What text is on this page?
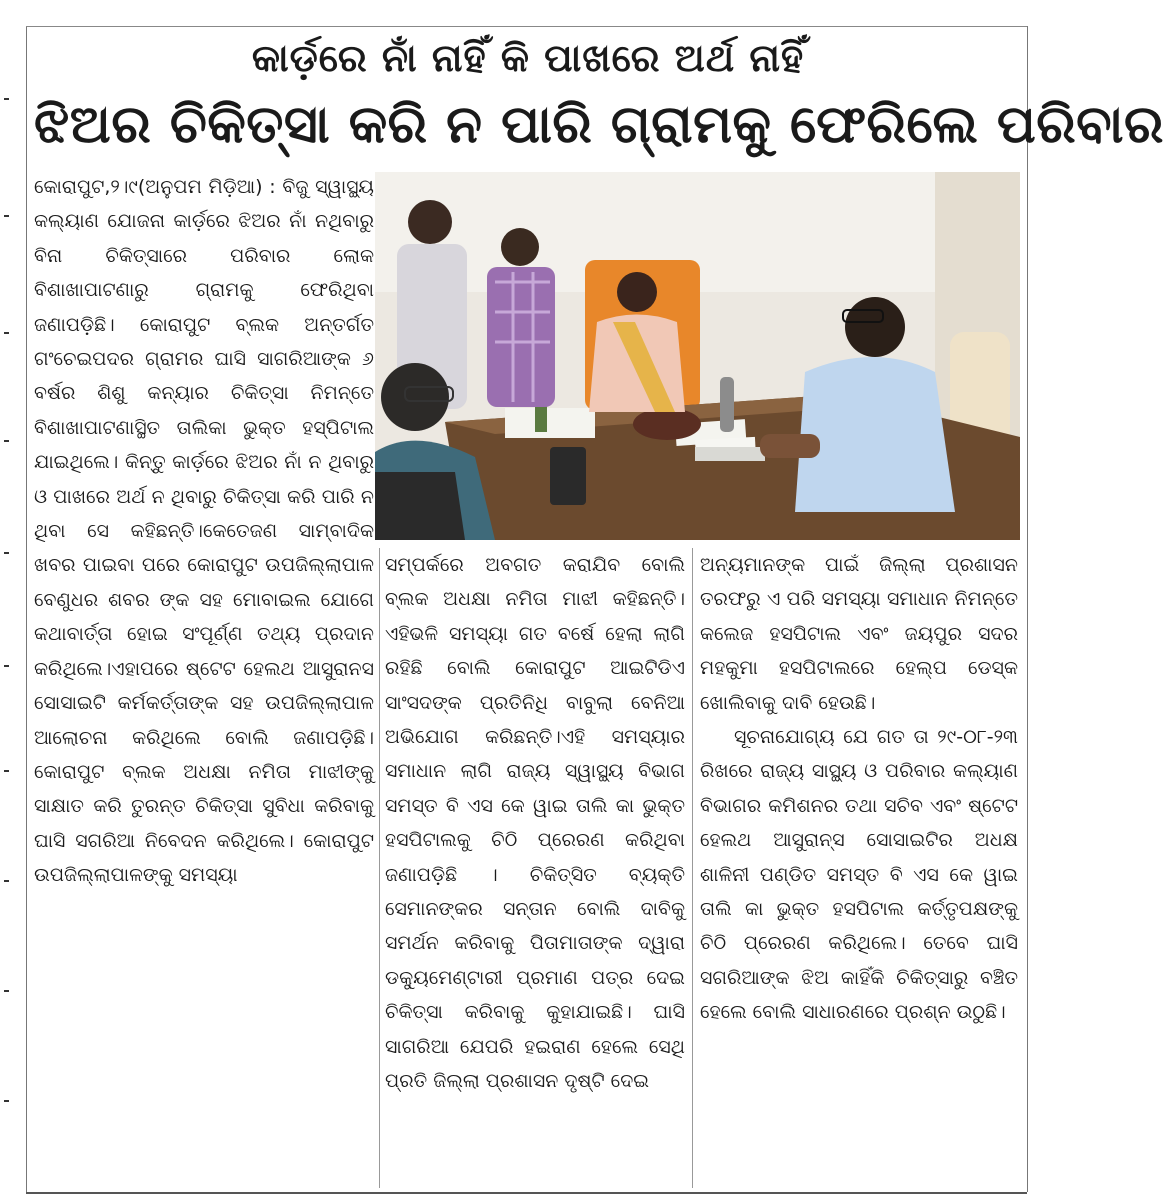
କାର୍ଡ଼ରେ ନାଁ ନାହିଁ କି ପାଖରେ ଅର୍ଥ ନାହିଁ
ଝିଅର ଚିକିତ୍ସା କରି ନ ପାରି ଗ୍ରାମକୁ ଫେରିଲେ ପରିବାର

କୋରାପୁଟ,୨।୯(ଅନୁପମ ମିଡ଼ିଆ) : ବିଜୁ ସ୍ୱାସ୍ଥ୍ୟ କଲ୍ୟାଣ ଯୋଜନା କାର୍ଡ଼ରେ ଝିଅର ନାଁ ନଥିବାରୁ ବିନା ଚିକିତ୍ସାରେ ପରିବାର ଲୋକ ବିଶାଖାପାଟଣାରୁ ଗ୍ରାମକୁ ଫେରିଥିବା ଜଣାପଡ଼ିଛି। କୋରାପୁଟ ବ୍ଲକ ଅନ୍ତର୍ଗତ ଗଂଚେଇପଦର ଗ୍ରାମର ଘାସି ସାଗରିଆଙ୍କ ୬ ବର୍ଷର ଶିଶୁ କନ୍ୟାର ଚିକିତ୍ସା ନିମନ୍ତେ ବିଶାଖାପାଟଣାସ୍ଥିତ ତାଲିକା ଭୁକ୍ତ ହସ୍ପିଟାଲ ଯାଇଥିଲେ। କିନ୍ତୁ କାର୍ଡ଼ରେ ଝିଅର ନାଁ ନ ଥିବାରୁ ଓ ପାଖରେ ଅର୍ଥ ନ ଥିବାରୁ ଚିକିତ୍ସା କରି ପାରି ନ ଥିବା ସେ କହିଛନ୍ତି।କେତେଜଣ ସାମ୍ବାଦିକ ଖବର ପାଇବା ପରେ କୋରାପୁଟ ଉପଜିଲ୍ଲାପାଳ ବେଣୁଧର ଶବର ଙ୍କ ସହ ମୋବାଇଲ ଯୋଗେ କଥାବାର୍ତ୍ତା ହୋଇ ସଂପୂର୍ଣ୍ଣ ତଥ୍ୟ ପ୍ରଦାନ କରିଥିଲେ।ଏହାପରେ ଷ୍ଟେଟ ହେଲଥ ଆସୁରାନସ ସୋସାଇଟି କର୍ମକର୍ତ୍ତାଙ୍କ ସହ ଉପଜିଲ୍ଲାପାଳ ଆଲୋଚନା କରିଥିଲେ ବୋଲି ଜଣାପଡ଼ିଛି। କୋରାପୁଟ ବ୍ଲକ ଅଧକ୍ଷା ନମିତା ମାଝୀଙ୍କୁ ସାକ୍ଷାତ କରି ତୁରନ୍ତ ଚିକିତ୍ସା ସୁବିଧା କରିବାକୁ ଘାସି ସଗରିଆ ନିବେଦନ କରିଥିଲେ। କୋରାପୁଟ ଉପଜିଲ୍ଲାପାଳଙ୍କୁ ସମସ୍ୟା

ସମ୍ପର୍କରେ ଅବଗତ କରାଯିବ ବୋଲି ବ୍ଲକ ଅଧକ୍ଷା ନମିତା ମାଝୀ କହିଛନ୍ତି। ଏହିଭଳି ସମସ୍ୟା ଗତ ବର୍ଷେ ହେଲା ଲାଗି ରହିଛି ବୋଲି କୋରାପୁଟ ଆଇଟିଡିଏ ସାଂସଦଙ୍କ ପ୍ରତିନିଧି ବାବୁଲା ବେନିଆ ଅଭିଯୋଗ କରିଛନ୍ତି।ଏହି ସମସ୍ୟାର ସମାଧାନ ଲାଗି ରାଜ୍ୟ ସ୍ୱାସ୍ଥ୍ୟ ବିଭାଗ ସମସ୍ତ ବି ଏସ କେ ୱାଇ ତାଲି କା ଭୁକ୍ତ ହସପିଟାଲକୁ ଚିଠି ପ୍ରେରଣ କରିଥିବା ଜଣାପଡ଼ିଛି । ଚିକିତ୍ସିତ ବ୍ୟକ୍ତି ସେମାନଙ୍କର ସନ୍ତାନ ବୋଲି ଦାବିକୁ ସମର୍ଥନ କରିବାକୁ ପିତାମାତାଙ୍କ ଦ୍ୱାରା ଡକ୍ୟୁମେଣ୍ଟାରୀ ପ୍ରମାଣ ପତ୍ର ଦେଇ ଚିକିତ୍ସା କରିବାକୁ କୁହାଯାଇଛି। ଘାସି ସାଗରିଆ ଯେପରି ହଇରାଣ ହେଲେ ସେଥି ପ୍ରତି ଜିଲ୍ଲା ପ୍ରଶାସନ ଦୃଷ୍ଟି ଦେଇ

ଅନ୍ୟମାନଙ୍କ ପାଇଁ ଜିଲ୍ଲା ପ୍ରଶାସନ ତରଫରୁ ଏ ପରି ସମସ୍ୟା ସମାଧାନ ନିମନ୍ତେ କଲେଜ ହସପିଟାଲ ଏବଂ ଜୟପୁର ସଦର ମହକୁମା ହସପିଟାଲରେ ହେଲ୍ପ ଡେସ୍କ ଖୋଲିବାକୁ ଦାବି ହେଉଛି।

ସୂଚନାଯୋଗ୍ୟ ଯେ ଗତ ତା ୨୯-୦୮-୨୩ ରିଖରେ ରାଜ୍ୟ ସାସ୍ଥ୍ୟ ଓ ପରିବାର କଲ୍ୟାଣ ବିଭାଗର କମିଶନର ତଥା ସଚିବ ଏବଂ ଷ୍ଟେଟ ହେଲଥ ଆସୁରାନ୍ସ ସୋସାଇଟିର ଅଧକ୍ଷ ଶାଳିନୀ ପଣ୍ଡିତ ସମସ୍ତ ବି ଏସ କେ ୱାଇ ତାଲି କା ଭୁକ୍ତ ହସପିଟାଲ କର୍ତ୍ତୃପକ୍ଷଙ୍କୁ ଚିଠି ପ୍ରେରଣ କରିଥିଲେ। ତେବେ ଘାସି ସଗରିଆଙ୍କ ଝିଅ କାହିଁକି ଚିକିତ୍ସାରୁ ବଞ୍ଚିତ ହେଲେ ବୋଲି ସାଧାରଣରେ ପ୍ରଶ୍ନ ଉଠୁଛି।
